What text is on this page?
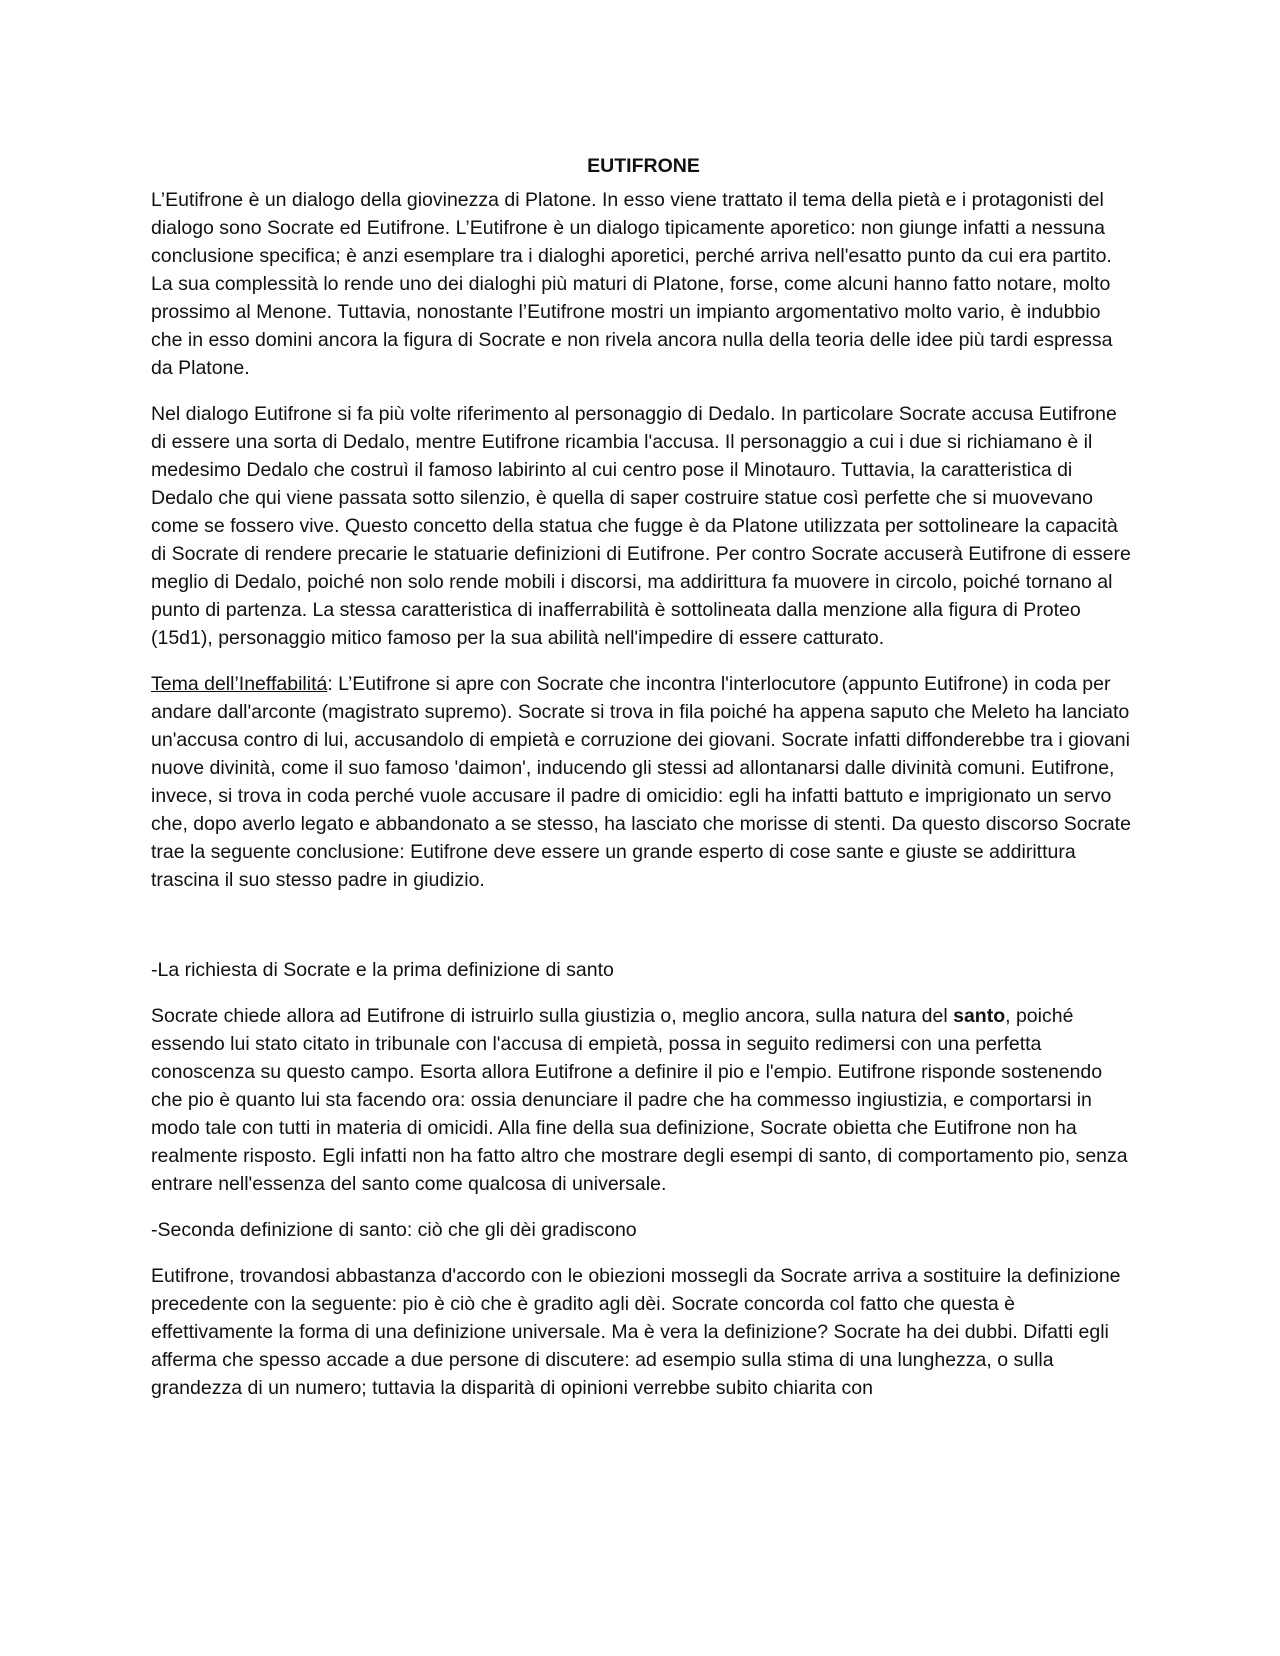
EUTIFRONE

L’Eutifrone è un dialogo della giovinezza di Platone. In esso viene trattato il tema della pietà e i protagonisti del dialogo sono Socrate ed Eutifrone. L’Eutifrone è un dialogo tipicamente aporetico: non giunge infatti a nessuna conclusione specifica; è anzi esemplare tra i dialoghi aporetici, perché arriva nell'esatto punto da cui era partito. La sua complessità lo rende uno dei dialoghi più maturi di Platone, forse, come alcuni hanno fatto notare, molto prossimo al Menone. Tuttavia, nonostante l’Eutifrone mostri un impianto argomentativo molto vario, è indubbio che in esso domini ancora la figura di Socrate e non rivela ancora nulla della teoria delle idee più tardi espressa da Platone.

Nel dialogo Eutifrone si fa più volte riferimento al personaggio di Dedalo. In particolare Socrate accusa Eutifrone di essere una sorta di Dedalo, mentre Eutifrone ricambia l'accusa. Il personaggio a cui i due si richiamano è il medesimo Dedalo che costruì il famoso labirinto al cui centro pose il Minotauro. Tuttavia, la caratteristica di Dedalo che qui viene passata sotto silenzio, è quella di saper costruire statue così perfette che si muovevano come se fossero vive. Questo concetto della statua che fugge è da Platone utilizzata per sottolineare la capacità di Socrate di rendere precarie le statuarie definizioni di Eutifrone. Per contro Socrate accuserà Eutifrone di essere meglio di Dedalo, poiché non solo rende mobili i discorsi, ma addirittura fa muovere in circolo, poiché tornano al punto di partenza. La stessa caratteristica di inafferrabilità è sottolineata dalla menzione alla figura di Proteo (15d1), personaggio mitico famoso per la sua abilità nell'impedire di essere catturato.

Tema dell’Ineffabilitá: L’Eutifrone si apre con Socrate che incontra l'interlocutore (appunto Eutifrone) in coda per andare dall'arconte (magistrato supremo). Socrate si trova in fila poiché ha appena saputo che Meleto ha lanciato un'accusa contro di lui, accusandolo di empietà e corruzione dei giovani. Socrate infatti diffonderebbe tra i giovani nuove divinità, come il suo famoso 'daimon', inducendo gli stessi ad allontanarsi dalle divinità comuni. Eutifrone, invece, si trova in coda perché vuole accusare il padre di omicidio: egli ha infatti battuto e imprigionato un servo che, dopo averlo legato e abbandonato a se stesso, ha lasciato che morisse di stenti. Da questo discorso Socrate trae la seguente conclusione: Eutifrone deve essere un grande esperto di cose sante e giuste se addirittura trascina il suo stesso padre in giudizio.

-La richiesta di Socrate e la prima definizione di santo

Socrate chiede allora ad Eutifrone di istruirlo sulla giustizia o, meglio ancora, sulla natura del santo, poiché essendo lui stato citato in tribunale con l'accusa di empietà, possa in seguito redimersi con una perfetta conoscenza su questo campo. Esorta allora Eutifrone a definire il pio e l'empio. Eutifrone risponde sostenendo che pio è quanto lui sta facendo ora: ossia denunciare il padre che ha commesso ingiustizia, e comportarsi in modo tale con tutti in materia di omicidi. Alla fine della sua definizione, Socrate obietta che Eutifrone non ha realmente risposto. Egli infatti non ha fatto altro che mostrare degli esempi di santo, di comportamento pio, senza entrare nell'essenza del santo come qualcosa di universale.

-Seconda definizione di santo: ciò che gli dèi gradiscono

Eutifrone, trovandosi abbastanza d'accordo con le obiezioni mossegli da Socrate arriva a sostituire la definizione precedente con la seguente: pio è ciò che è gradito agli dèi. Socrate concorda col fatto che questa è effettivamente la forma di una definizione universale. Ma è vera la definizione? Socrate ha dei dubbi. Difatti egli afferma che spesso accade a due persone di discutere: ad esempio sulla stima di una lunghezza, o sulla grandezza di un numero; tuttavia la disparità di opinioni verrebbe subito chiarita con
